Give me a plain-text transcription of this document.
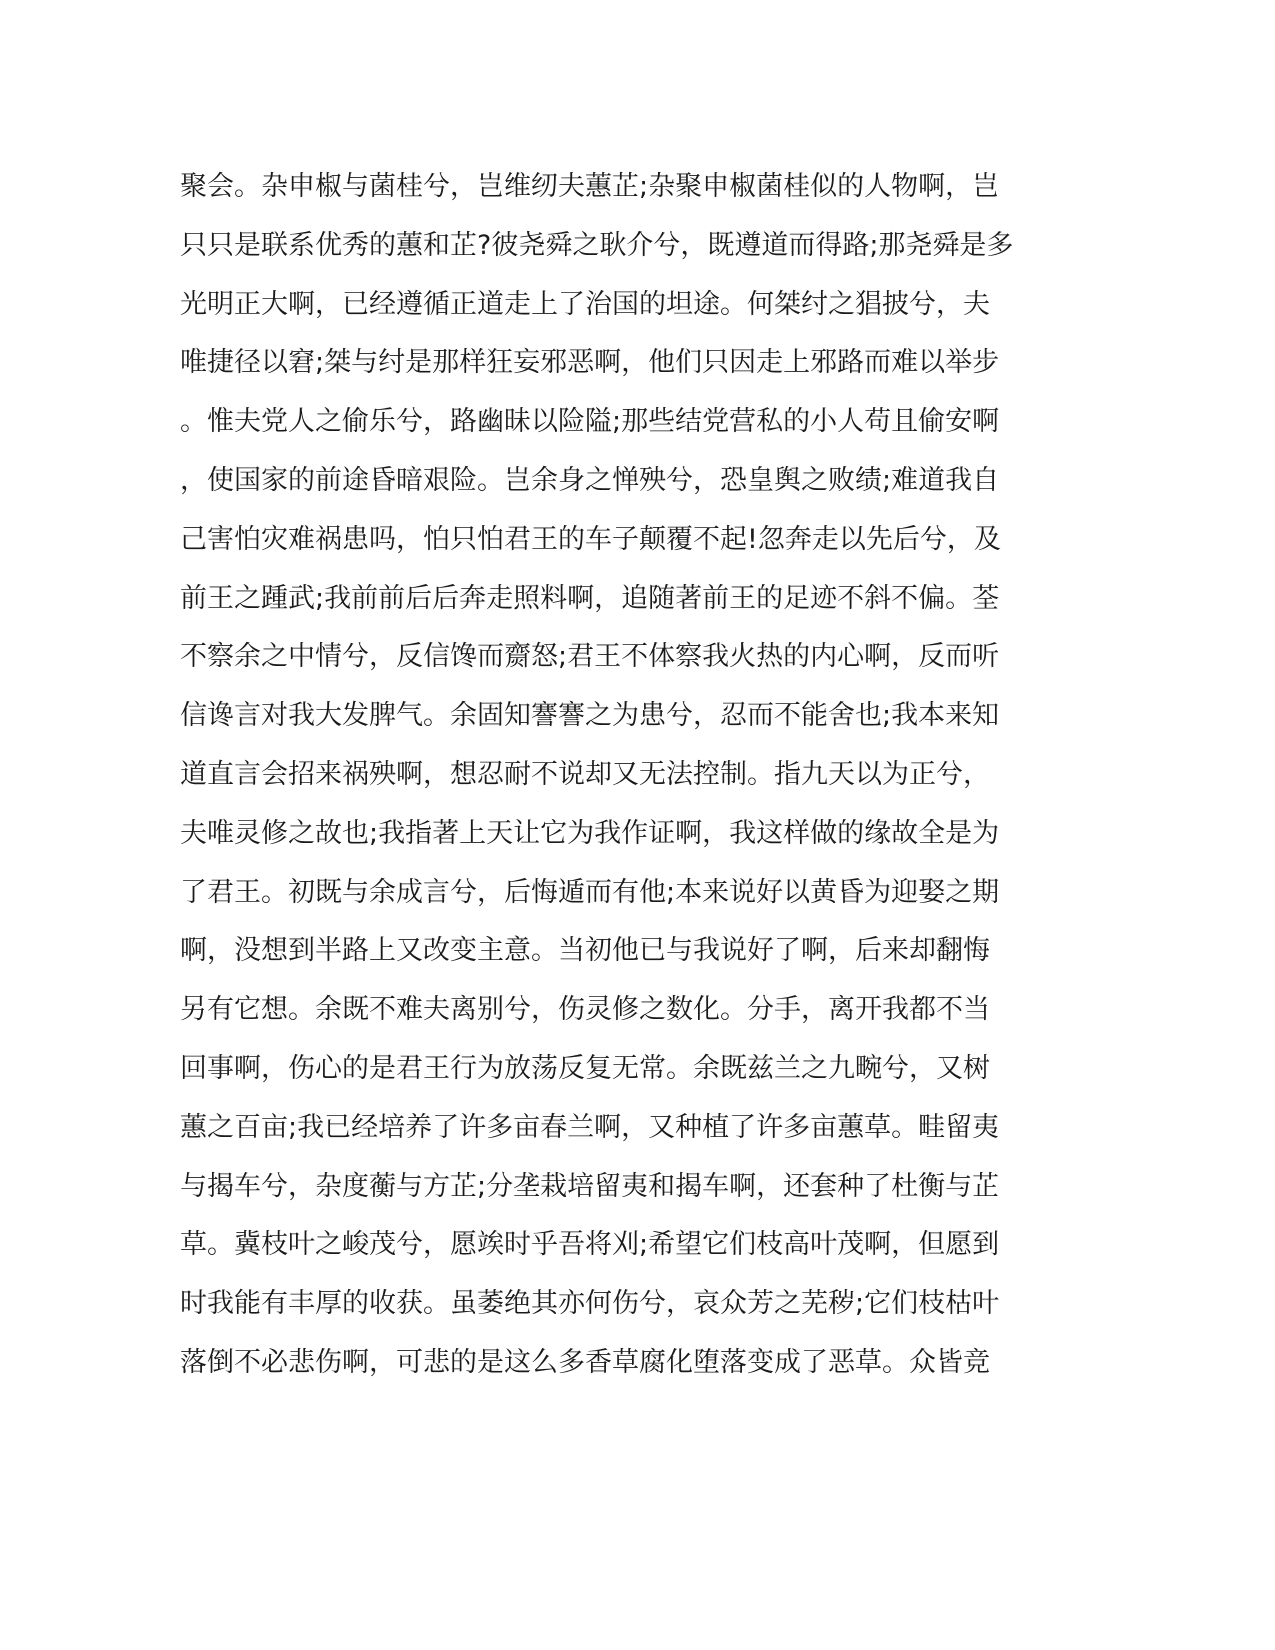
聚会。杂申椒与菌桂兮，岂维纫夫蕙芷;杂聚申椒菌桂似的人物啊，岂
只只是联系优秀的蕙和芷?彼尧舜之耿介兮，既遵道而得路;那尧舜是多
光明正大啊，已经遵循正道走上了治国的坦途。何桀纣之猖披兮，夫
唯捷径以窘;桀与纣是那样狂妄邪恶啊，他们只因走上邪路而难以举步
。惟夫党人之偷乐兮，路幽昧以险隘;那些结党营私的小人苟且偷安啊
，使国家的前途昏暗艰险。岂余身之惮殃兮，恐皇舆之败绩;难道我自
己害怕灾难祸患吗，怕只怕君王的车子颠覆不起!忽奔走以先后兮，及
前王之踵武;我前前后后奔走照料啊，追随著前王的足迹不斜不偏。荃
不察余之中情兮，反信馋而齌怒;君王不体察我火热的内心啊，反而听
信谗言对我大发脾气。余固知謇謇之为患兮，忍而不能舍也;我本来知
道直言会招来祸殃啊，想忍耐不说却又无法控制。指九天以为正兮，
夫唯灵修之故也;我指著上天让它为我作证啊，我这样做的缘故全是为
了君王。初既与余成言兮，后悔遁而有他;本来说好以黄昏为迎娶之期
啊，没想到半路上又改变主意。当初他已与我说好了啊，后来却翻悔
另有它想。余既不难夫离别兮，伤灵修之数化。分手，离开我都不当
回事啊，伤心的是君王行为放荡反复无常。余既兹兰之九畹兮，又树
蕙之百亩;我已经培养了许多亩春兰啊，又种植了许多亩蕙草。畦留夷
与揭车兮，杂度蘅与方芷;分垄栽培留夷和揭车啊，还套种了杜衡与芷
草。冀枝叶之峻茂兮，愿竢时乎吾将刈;希望它们枝高叶茂啊，但愿到
时我能有丰厚的收获。虽萎绝其亦何伤兮，哀众芳之芜秽;它们枝枯叶
落倒不必悲伤啊，可悲的是这么多香草腐化堕落变成了恶草。众皆竞
